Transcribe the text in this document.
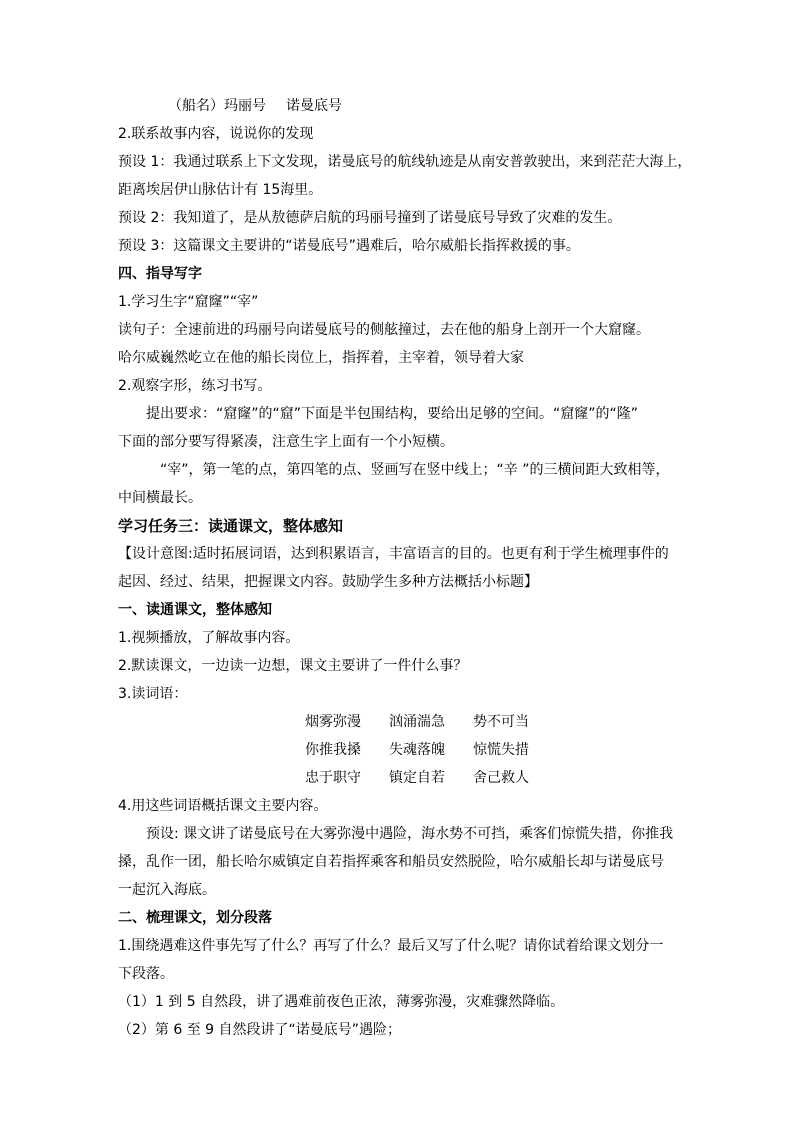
（船名）玛丽号 诺曼底号
2.联系故事内容，说说你的发现
预设 1：我通过联系上下文发现，诺曼底号的航线轨迹是从南安普敦驶出，来到茫茫大海上，
距离埃居伊山脉估计有 15海里。
预设 2：我知道了，是从敖德萨启航的玛丽号撞到了诺曼底号导致了灾难的发生。
预设 3：这篇课文主要讲的“诺曼底号”遇难后，哈尔威船长指挥救援的事。
四、指导写字
1.学习生字“窟窿”“宰”
读句子：全速前进的玛丽号向诺曼底号的侧舷撞过，去在他的船身上剖开一个大窟窿。
哈尔威巍然屹立在他的船长岗位上，指挥着，主宰着，领导着大家
2.观察字形，练习书写。
提出要求：“窟窿”的“窟”下面是半包围结构，要给出足够的空间。“窟窿”的“隆”
下面的部分要写得紧凑，注意生字上面有一个小短横。
“宰”，第一笔的点，第四笔的点、竖画写在竖中线上；“辛 ”的三横间距大致相等，
中间横最长。
学习任务三：读通课文，整体感知
【设计意图:适时拓展词语，达到积累语言，丰富语言的目的。也更有利于学生梳理事件的
起因、经过、结果，把握课文内容。鼓励学生多种方法概括小标题】
一、读通课文，整体感知
1.视频播放，了解故事内容。
2.默读课文，一边读一边想，课文主要讲了一件什么事？
3.读词语：
烟雾弥漫	汹涌湍急	势不可当
你推我搡	失魂落魄	惊慌失措
忠于职守	镇定自若	舍己救人
4.用这些词语概括课文主要内容。
预设: 课文讲了诺曼底号在大雾弥漫中遇险，海水势不可挡，乘客们惊慌失措，你推我
搡，乱作一团，船长哈尔威镇定自若指挥乘客和船员安然脱险，哈尔威船长却与诺曼底号
一起沉入海底。
二、梳理课文，划分段落
1.围绕遇难这件事先写了什么？再写了什么？最后又写了什么呢？请你试着给课文划分一
下段落。
（1）1 到 5 自然段，讲了遇难前夜色正浓，薄雾弥漫，灾难骤然降临。
（2）第 6 至 9 自然段讲了“诺曼底号”遇险；
